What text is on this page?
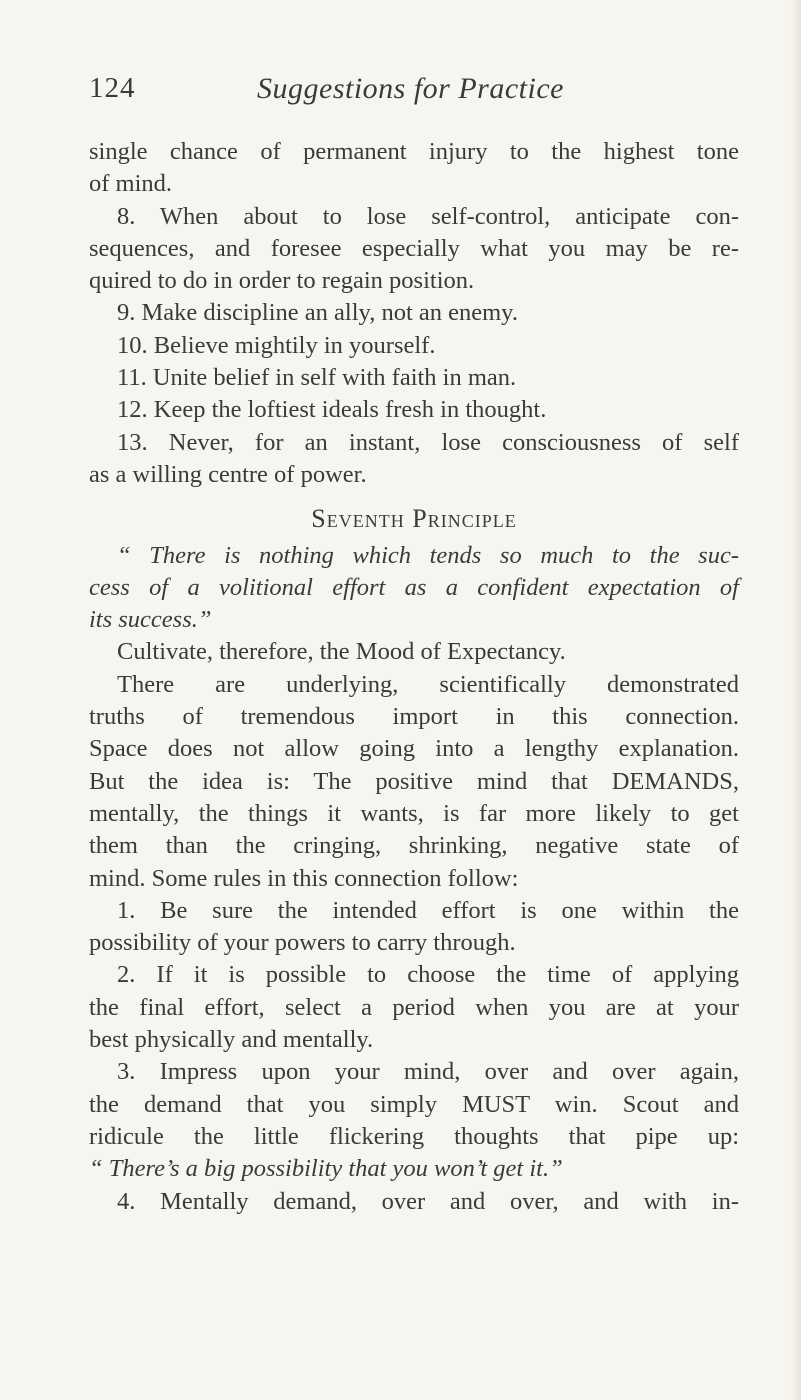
124	Suggestions for Practice
single chance of permanent injury to the highest tone
of mind.
8. When about to lose self-control, anticipate con-
sequences, and foresee especially what you may be re-
quired to do in order to regain position.
9. Make discipline an ally, not an enemy.
10. Believe mightily in yourself.
11. Unite belief in self with faith in man.
12. Keep the loftiest ideals fresh in thought.
13. Never, for an instant, lose consciousness of self
as a willing centre of power.
Seventh Principle
“ There is nothing which tends so much to the suc-
cess of a volitional effort as a confident expectation of
its success.”
Cultivate, therefore, the Mood of Expectancy.
There are underlying, scientifically demonstrated
truths of tremendous import in this connection.
Space does not allow going into a lengthy explanation.
But the idea is: The positive mind that DEMANDS,
mentally, the things it wants, is far more likely to get
them than the cringing, shrinking, negative state of
mind. Some rules in this connection follow:
1. Be sure the intended effort is one within the
possibility of your powers to carry through.
2. If it is possible to choose the time of applying
the final effort, select a period when you are at your
best physically and mentally.
3. Impress upon your mind, over and over again,
the demand that you simply MUST win. Scout and
ridicule the little flickering thoughts that pipe up:
“ There’s a big possibility that you won’t get it.”
4. Mentally demand, over and over, and with in-
